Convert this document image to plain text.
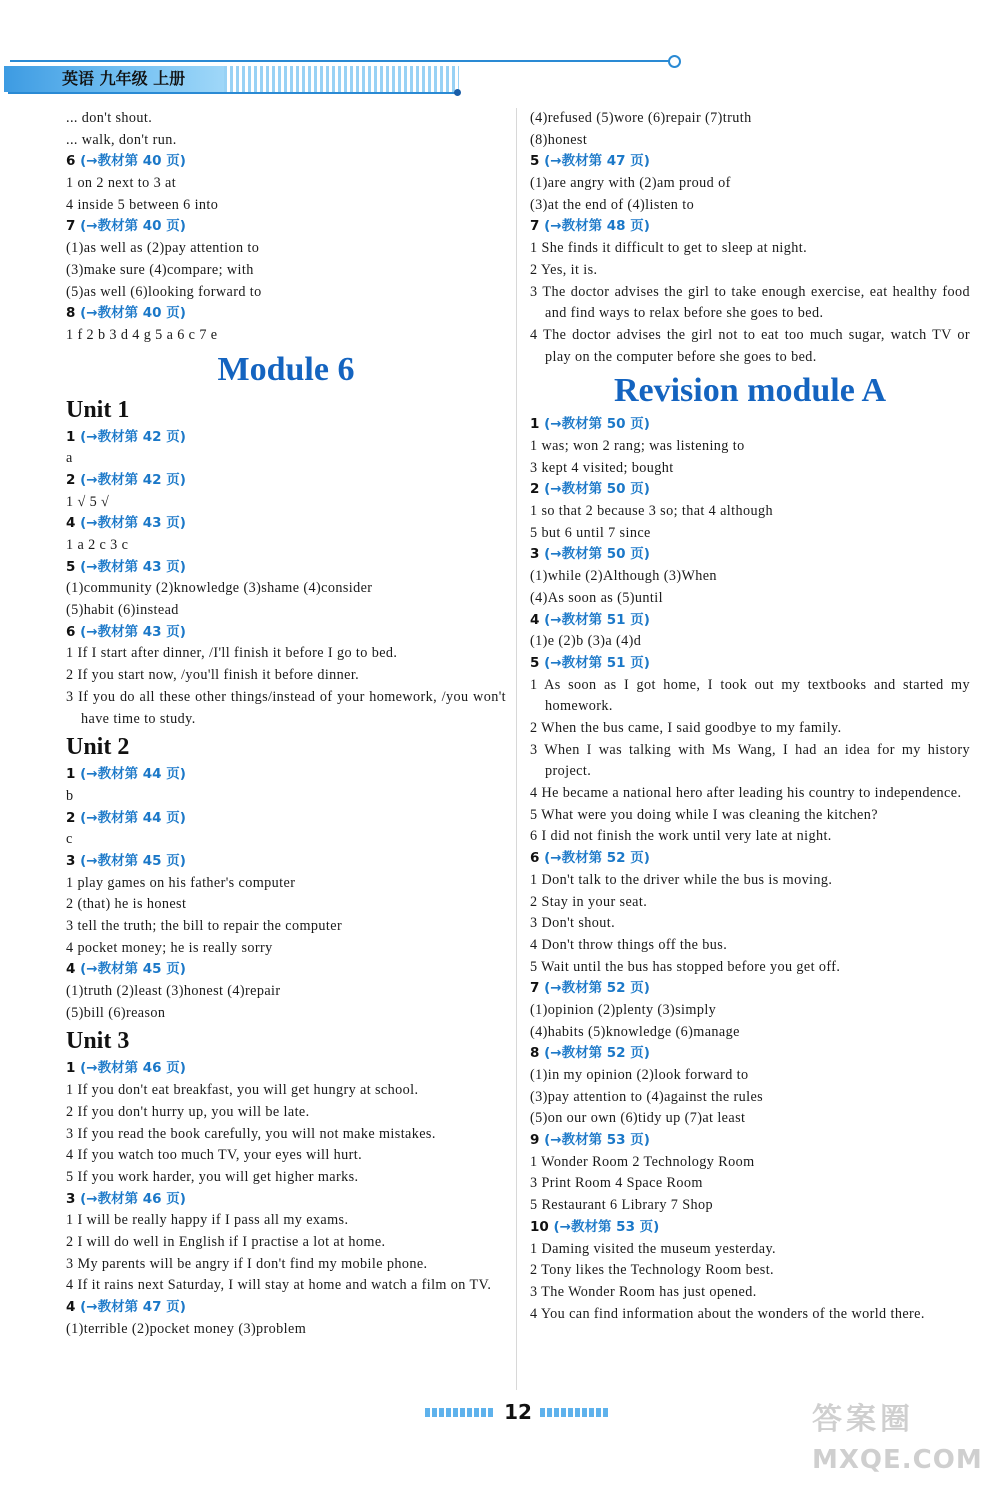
英语 九年级 上册
... don't shout.
... walk, don't run.
6 (→教材第 40 页)
1 on 2 next to 3 at
4 inside 5 between 6 into
7 (→教材第 40 页)
(1)as well as (2)pay attention to
(3)make sure (4)compare; with
(5)as well (6)looking forward to
8 (→教材第 40 页)
1 f 2 b 3 d 4 g 5 a 6 c 7 e
Module 6
Unit 1
1 (→教材第 42 页)
a
2 (→教材第 42 页)
1 √ 5 √
4 (→教材第 43 页)
1 a 2 c 3 c
5 (→教材第 43 页)
(1)community (2)knowledge (3)shame (4)consider
(5)habit (6)instead
6 (→教材第 43 页)
1 If I start after dinner, /I'll finish it before I go to bed.
2 If you start now, /you'll finish it before dinner.
3 If you do all these other things/instead of your homework, /you won't have time to study.
Unit 2
1 (→教材第 44 页)
b
2 (→教材第 44 页)
c
3 (→教材第 45 页)
1 play games on his father's computer
2 (that) he is honest
3 tell the truth; the bill to repair the computer
4 pocket money; he is really sorry
4 (→教材第 45 页)
(1)truth (2)least (3)honest (4)repair
(5)bill (6)reason
Unit 3
1 (→教材第 46 页)
1 If you don't eat breakfast, you will get hungry at school.
2 If you don't hurry up, you will be late.
3 If you read the book carefully, you will not make mistakes.
4 If you watch too much TV, your eyes will hurt.
5 If you work harder, you will get higher marks.
3 (→教材第 46 页)
1 I will be really happy if I pass all my exams.
2 I will do well in English if I practise a lot at home.
3 My parents will be angry if I don't find my mobile phone.
4 If it rains next Saturday, I will stay at home and watch a film on TV.
4 (→教材第 47 页)
(1)terrible (2)pocket money (3)problem
(4)refused (5)wore (6)repair (7)truth
(8)honest
5 (→教材第 47 页)
(1)are angry with (2)am proud of
(3)at the end of (4)listen to
7 (→教材第 48 页)
1 She finds it difficult to get to sleep at night.
2 Yes, it is.
3 The doctor advises the girl to take enough exercise, eat healthy food and find ways to relax before she goes to bed.
4 The doctor advises the girl not to eat too much sugar, watch TV or play on the computer before she goes to bed.
Revision module A
1 (→教材第 50 页)
1 was; won 2 rang; was listening to
3 kept 4 visited; bought
2 (→教材第 50 页)
1 so that 2 because 3 so; that 4 although
5 but 6 until 7 since
3 (→教材第 50 页)
(1)while (2)Although (3)When
(4)As soon as (5)until
4 (→教材第 51 页)
(1)e (2)b (3)a (4)d
5 (→教材第 51 页)
1 As soon as I got home, I took out my textbooks and started my homework.
2 When the bus came, I said goodbye to my family.
3 When I was talking with Ms Wang, I had an idea for my history project.
4 He became a national hero after leading his country to independence.
5 What were you doing while I was cleaning the kitchen?
6 I did not finish the work until very late at night.
6 (→教材第 52 页)
1 Don't talk to the driver while the bus is moving.
2 Stay in your seat.
3 Don't shout.
4 Don't throw things off the bus.
5 Wait until the bus has stopped before you get off.
7 (→教材第 52 页)
(1)opinion (2)plenty (3)simply
(4)habits (5)knowledge (6)manage
8 (→教材第 52 页)
(1)in my opinion (2)look forward to
(3)pay attention to (4)against the rules
(5)on our own (6)tidy up (7)at least
9 (→教材第 53 页)
1 Wonder Room 2 Technology Room
3 Print Room 4 Space Room
5 Restaurant 6 Library 7 Shop
10 (→教材第 53 页)
1 Daming visited the museum yesterday.
2 Tony likes the Technology Room best.
3 The Wonder Room has just opened.
4 You can find information about the wonders of the world there.
12	答案圈
MXQE.COM
